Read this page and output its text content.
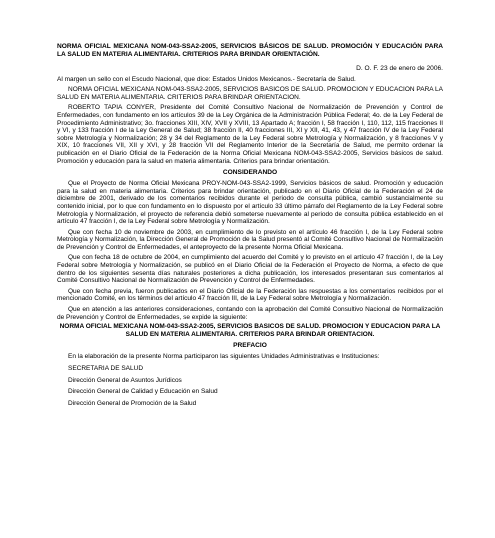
NORMA OFICIAL MEXICANA NOM-043-SSA2-2005, SERVICIOS BÁSICOS DE SALUD. PROMOCIÓN Y EDUCACIÓN PARA LA SALUD EN MATERIA ALIMENTARIA. CRITERIOS PARA BRINDAR ORIENTACIÓN.
D. O. F. 23 de enero de 2006.

Al margen un sello con el Escudo Nacional, que dice: Estados Unidos Mexicanos.- Secretaría de Salud.

NORMA OFICIAL MEXICANA NOM-043-SSA2-2005, SERVICIOS BASICOS DE SALUD. PROMOCION Y EDUCACION PARA LA SALUD EN MATERIA ALIMENTARIA. CRITERIOS PARA BRINDAR ORIENTACION.

ROBERTO TAPIA CONYER, Presidente del Comité Consultivo Nacional de Normalización de Prevención y Control de Enfermedades, con fundamento en los artículos 39 de la Ley Orgánica de la Administración Pública Federal; 4o. de la Ley Federal de Procedimiento Administrativo; 3o. fracciones XIII, XIV, XVII y XVIII, 13 Apartado A; fracción I, 58 fracción I, 110, 112, 115 fracciones II y VI, y 133 fracción I de la Ley General de Salud; 38 fracción II, 40 fracciones III, XI y XII, 41, 43, y 47 fracción IV de la Ley Federal sobre Metrología y Normalización; 28 y 34 del Reglamento de la Ley Federal sobre Metrología y Normalización, y 8 fracciones V y XIX, 10 fracciones VII, XII y XVI, y 28 fracción VII del Reglamento Interior de la Secretaría de Salud, me permito ordenar la publicación en el Diario Oficial de la Federación de la Norma Oficial Mexicana NOM-043-SSA2-2005, Servicios básicos de salud. Promoción y educación para la salud en materia alimentaria. Criterios para brindar orientación.

CONSIDERANDO

Que el Proyecto de Norma Oficial Mexicana PROY-NOM-043-SSA2-1999, Servicios básicos de salud. Promoción y educación para la salud en materia alimentaria. Criterios para brindar orientación, publicado en el Diario Oficial de la Federación el 24 de diciembre de 2001, derivado de los comentarios recibidos durante el periodo de consulta pública, cambió sustancialmente su contenido inicial, por lo que con fundamento en lo dispuesto por el artículo 33 último párrafo del Reglamento de la Ley Federal sobre Metrología y Normalización, el proyecto de referencia debió someterse nuevamente al periodo de consulta pública establecido en el artículo 47 fracción I, de la Ley Federal sobre Metrología y Normalización.

Que con fecha 10 de noviembre de 2003, en cumplimiento de lo previsto en el artículo 46 fracción I, de la Ley Federal sobre Metrología y Normalización, la Dirección General de Promoción de la Salud presentó al Comité Consultivo Nacional de Normalización de Prevención y Control de Enfermedades, el anteproyecto de la presente Norma Oficial Mexicana.

Que con fecha 18 de octubre de 2004, en cumplimiento del acuerdo del Comité y lo previsto en el artículo 47 fracción I, de la Ley Federal sobre Metrología y Normalización, se publicó en el Diario Oficial de la Federación el Proyecto de Norma, a efecto de que dentro de los siguientes sesenta días naturales posteriores a dicha publicación, los interesados presentaran sus comentarios al Comité Consultivo Nacional de Normalización de Prevención y Control de Enfermedades.

Que con fecha previa, fueron publicados en el Diario Oficial de la Federación las respuestas a los comentarios recibidos por el mencionado Comité, en los términos del artículo 47 fracción III, de la Ley Federal sobre Metrología y Normalización.

Que en atención a las anteriores consideraciones, contando con la aprobación del Comité Consultivo Nacional de Normalización de Prevención y Control de Enfermedades, se expide la siguiente:

NORMA OFICIAL MEXICANA NOM-043-SSA2-2005, SERVICIOS BASICOS DE SALUD. PROMOCION Y EDUCACION PARA LA SALUD EN MATERIA ALIMENTARIA. CRITERIOS PARA BRINDAR ORIENTACION.
PREFACIO

En la elaboración de la presente Norma participaron las siguientes Unidades Administrativas e Instituciones:

SECRETARIA DE SALUD

Dirección General de Asuntos Jurídicos

Dirección General de Calidad y Educación en Salud

Dirección General de Promoción de la Salud
